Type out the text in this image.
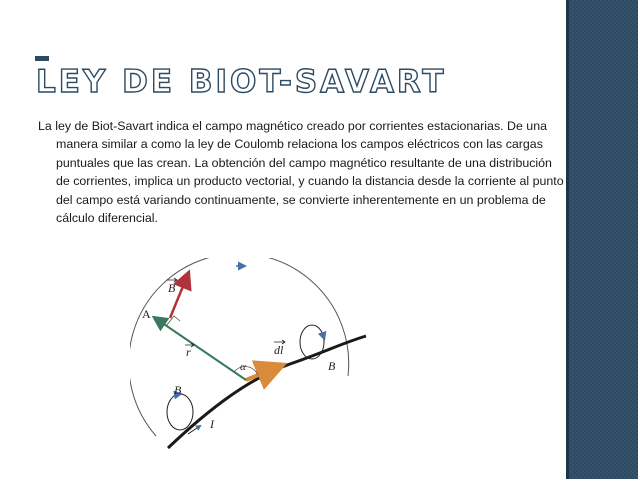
LEY DE BIOT-SAVART

La ley de Biot-Savart indica el campo magnético creado por corrientes estacionarias. De una manera similar a como la ley de Coulomb relaciona los campos eléctricos con las cargas puntuales que las crean. La obtención del campo magnético resultante de una distribución de corrientes, implica un producto vectorial, y cuando la distancia desde la corriente al punto del campo está variando continuamente, se convierte inherentemente en un problema de cálculo diferencial.

B
A
r
α
dl
B
B
I
